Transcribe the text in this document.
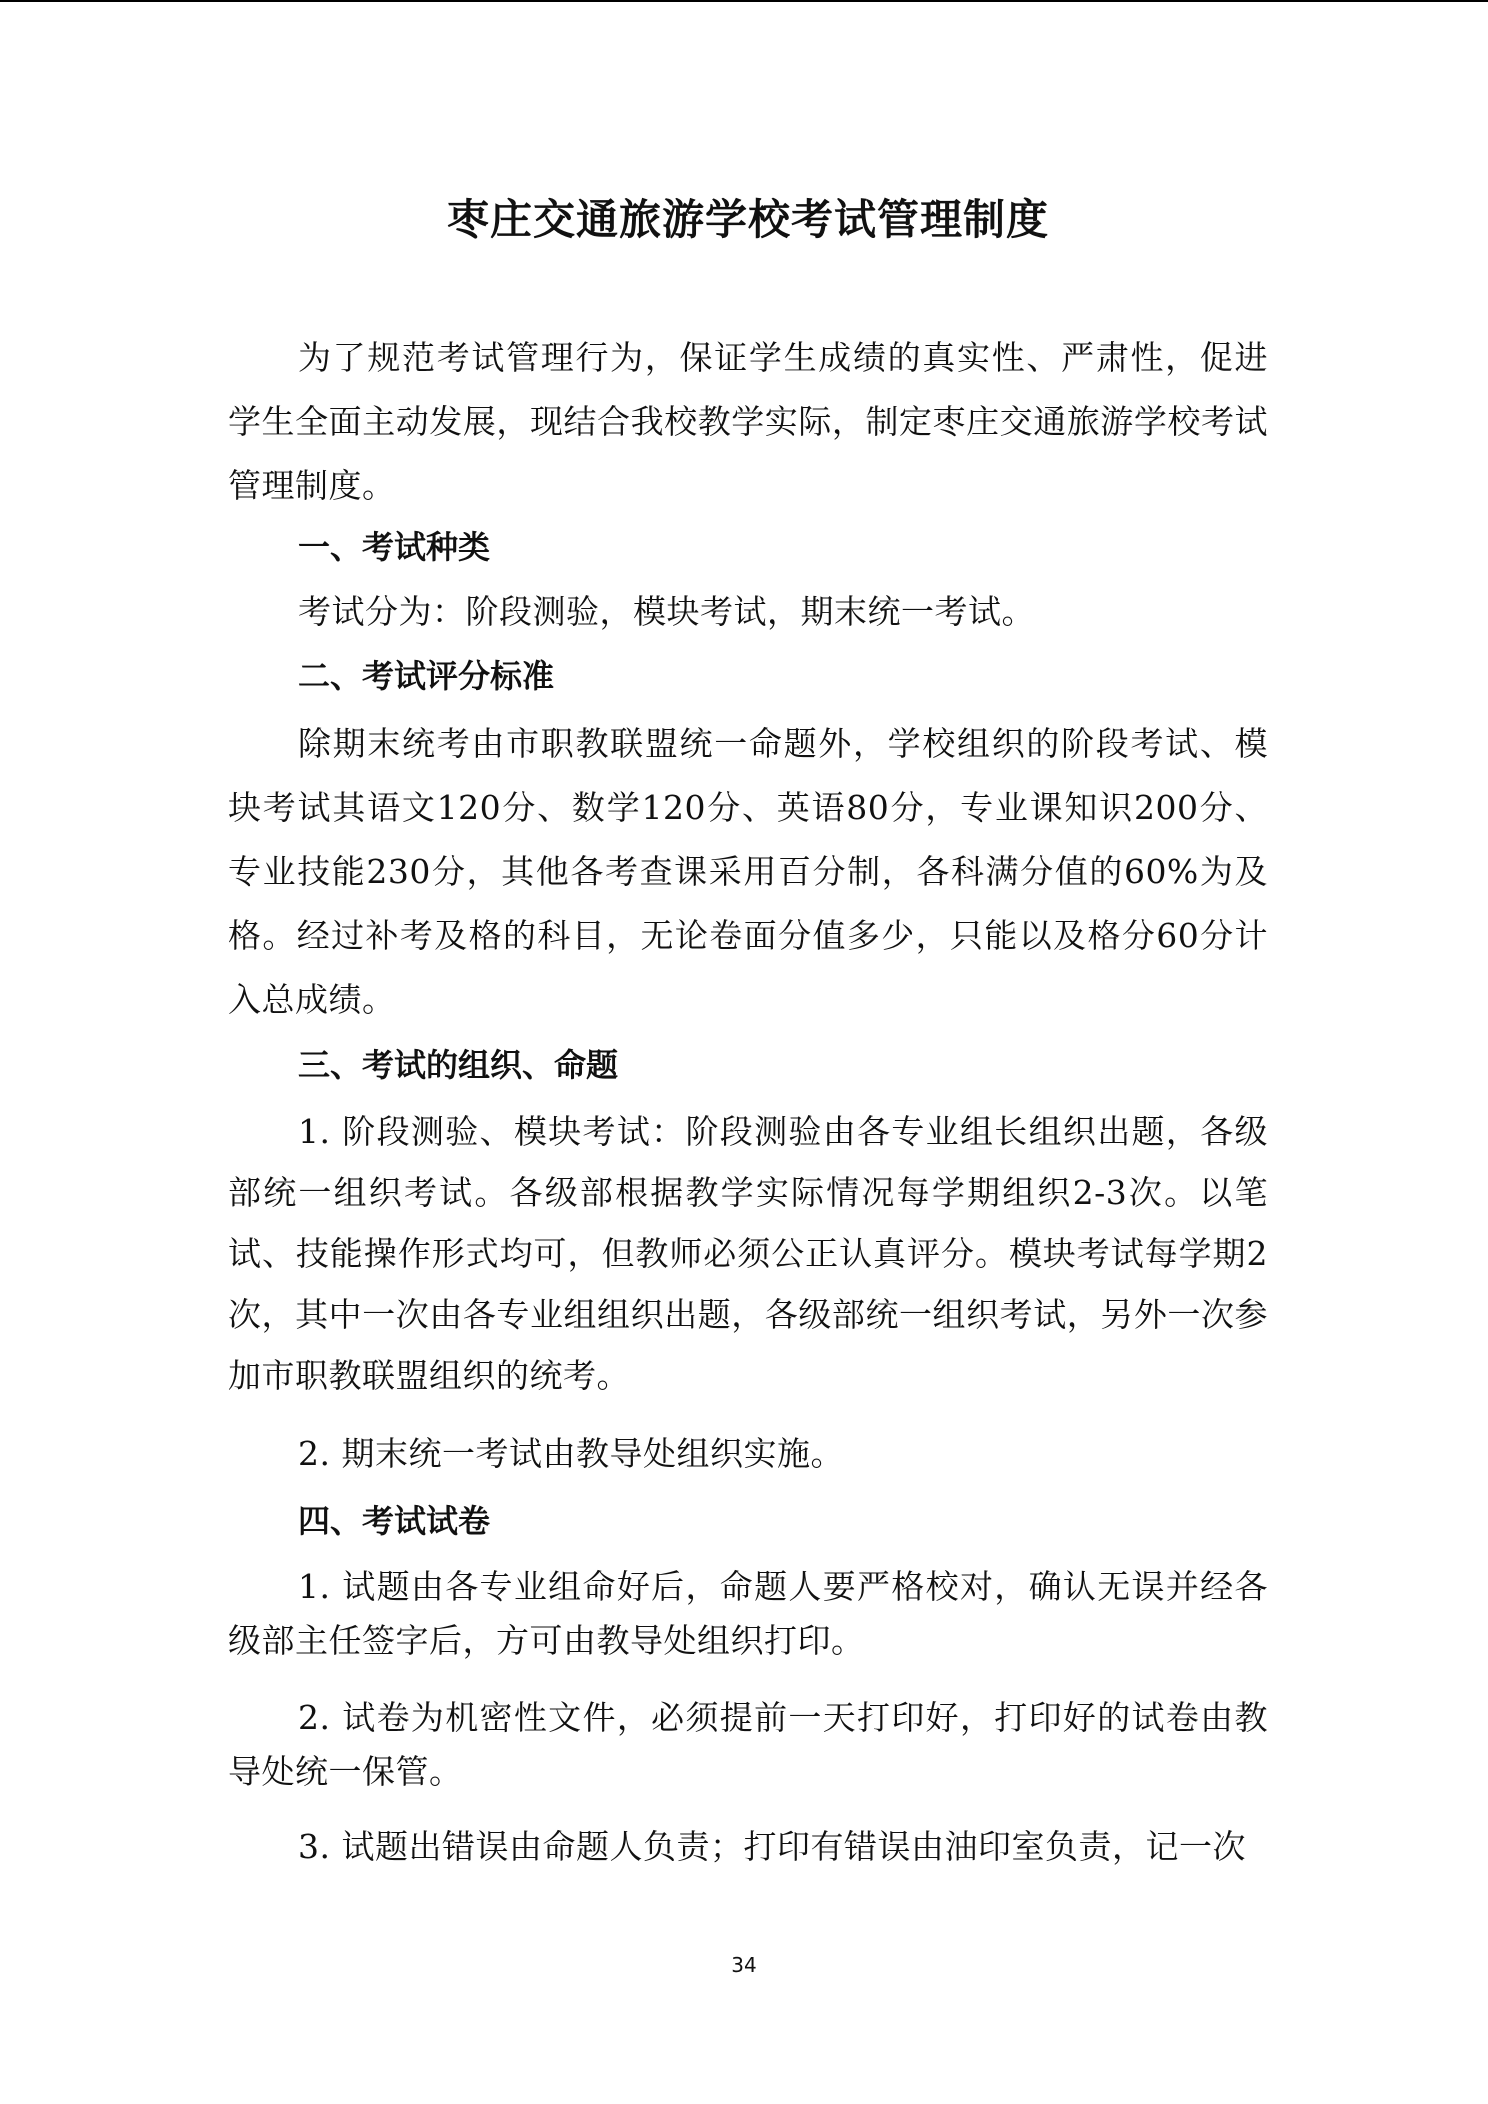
枣庄交通旅游学校考试管理制度

为了规范考试管理行为，保证学生成绩的真实性、严肃性，促进学生全面主动发展，现结合我校教学实际，制定枣庄交通旅游学校考试管理制度。

一、考试种类

考试分为：阶段测验，模块考试，期末统一考试。

二、考试评分标准

除期末统考由市职教联盟统一命题外，学校组织的阶段考试、模块考试其语文120分、数学120分、英语80分，专业课知识200分、专业技能230分，其他各考查课采用百分制，各科满分值的60%为及格。经过补考及格的科目，无论卷面分值多少，只能以及格分60分计入总成绩。

三、考试的组织、命题

1. 阶段测验、模块考试：阶段测验由各专业组长组织出题，各级部统一组织考试。各级部根据教学实际情况每学期组织2-3次。以笔试、技能操作形式均可，但教师必须公正认真评分。模块考试每学期2次，其中一次由各专业组组织出题，各级部统一组织考试，另外一次参加市职教联盟组织的统考。

2. 期末统一考试由教导处组织实施。

四、考试试卷

1. 试题由各专业组命好后，命题人要严格校对，确认无误并经各级部主任签字后，方可由教导处组织打印。

2. 试卷为机密性文件，必须提前一天打印好，打印好的试卷由教导处统一保管。

3. 试题出错误由命题人负责；打印有错误由油印室负责，记一次

34
